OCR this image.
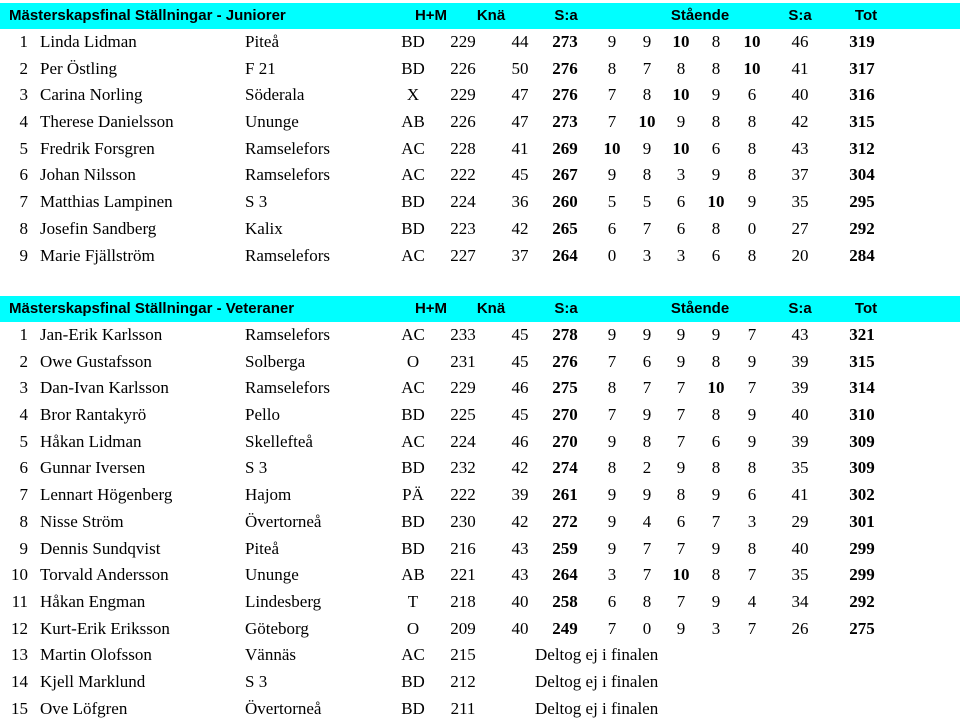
Mästerskapsfinal Ställningar - Juniorer	H+M Knä	S:a	Stående	S:a	Tot
1 Linda Lidman	Piteå	BD 229 44 273 9 9 10 8 10 46 319
2 Per Östling	F 21	BD 226 50 276 8 7 8 8 10 41 317
3 Carina Norling	Söderala	X 229 47 276 7 8 10 9 6 40 316
4 Therese Danielsson	Ununge	AB 226 47 273 7 10 9 8 8 42 315
5 Fredrik Forsgren	Ramselefors	AC 228 41 269 10 9 10 6 8 43 312
6 Johan Nilsson	Ramselefors	AC 222 45 267 9 8 3 9 8 37 304
7 Matthias Lampinen	S 3	BD 224 36 260 5 5 6 10 9 35 295
8 Josefin Sandberg	Kalix	BD 223 42 265 6 7 6 8 0 27 292
9 Marie Fjällström	Ramselefors	AC 227 37 264 0 3 3 6 8 20 284
Mästerskapsfinal Ställningar - Veteraner	H+M Knä	S:a	Stående	S:a	Tot
1 Jan-Erik Karlsson	Ramselefors	AC 233 45 278 9 9 9 9 7 43 321
2 Owe Gustafsson	Solberga	O 231 45 276 7 6 9 8 9 39 315
3 Dan-Ivan Karlsson	Ramselefors	AC 229 46 275 8 7 7 10 7 39 314
4 Bror Rantakyrö	Pello	BD 225 45 270 7 9 7 8 9 40 310
5 Håkan Lidman	Skellefteå	AC 224 46 270 9 8 7 6 9 39 309
6 Gunnar Iversen	S 3	BD 232 42 274 8 2 9 8 8 35 309
7 Lennart Högenberg	Hajom	PÄ 222 39 261 9 9 8 9 6 41 302
8 Nisse Ström	Övertorneå	BD 230 42 272 9 4 6 7 3 29 301
9 Dennis Sundqvist	Piteå	BD 216 43 259 9 7 7 9 8 40 299
10 Torvald Andersson	Ununge	AB 221 43 264 3 7 10 8 7 35 299
11 Håkan Engman	Lindesberg	T 218 40 258 6 8 7 9 4 34 292
12 Kurt-Erik Eriksson	Göteborg	O 209 40 249 7 0 9 3 7 26 275
13 Martin Olofsson	Vännäs	AC 215	Deltog ej i finalen
14 Kjell Marklund	S 3	BD 212	Deltog ej i finalen
15 Ove Löfgren	Övertorneå	BD 211	Deltog ej i finalen
